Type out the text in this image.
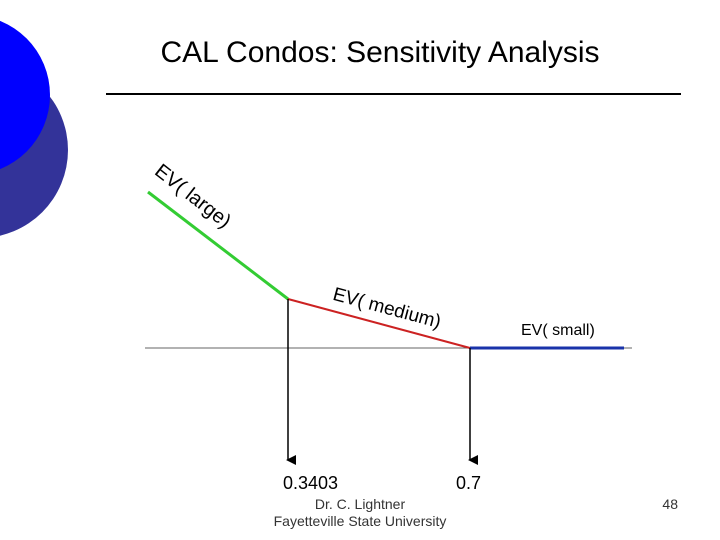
CAL Condos: Sensitivity Analysis
EV( large)
EV( medium)	EV( small)
0.3403	0.7
Dr. C. Lightner
Fayetteville State University
48
